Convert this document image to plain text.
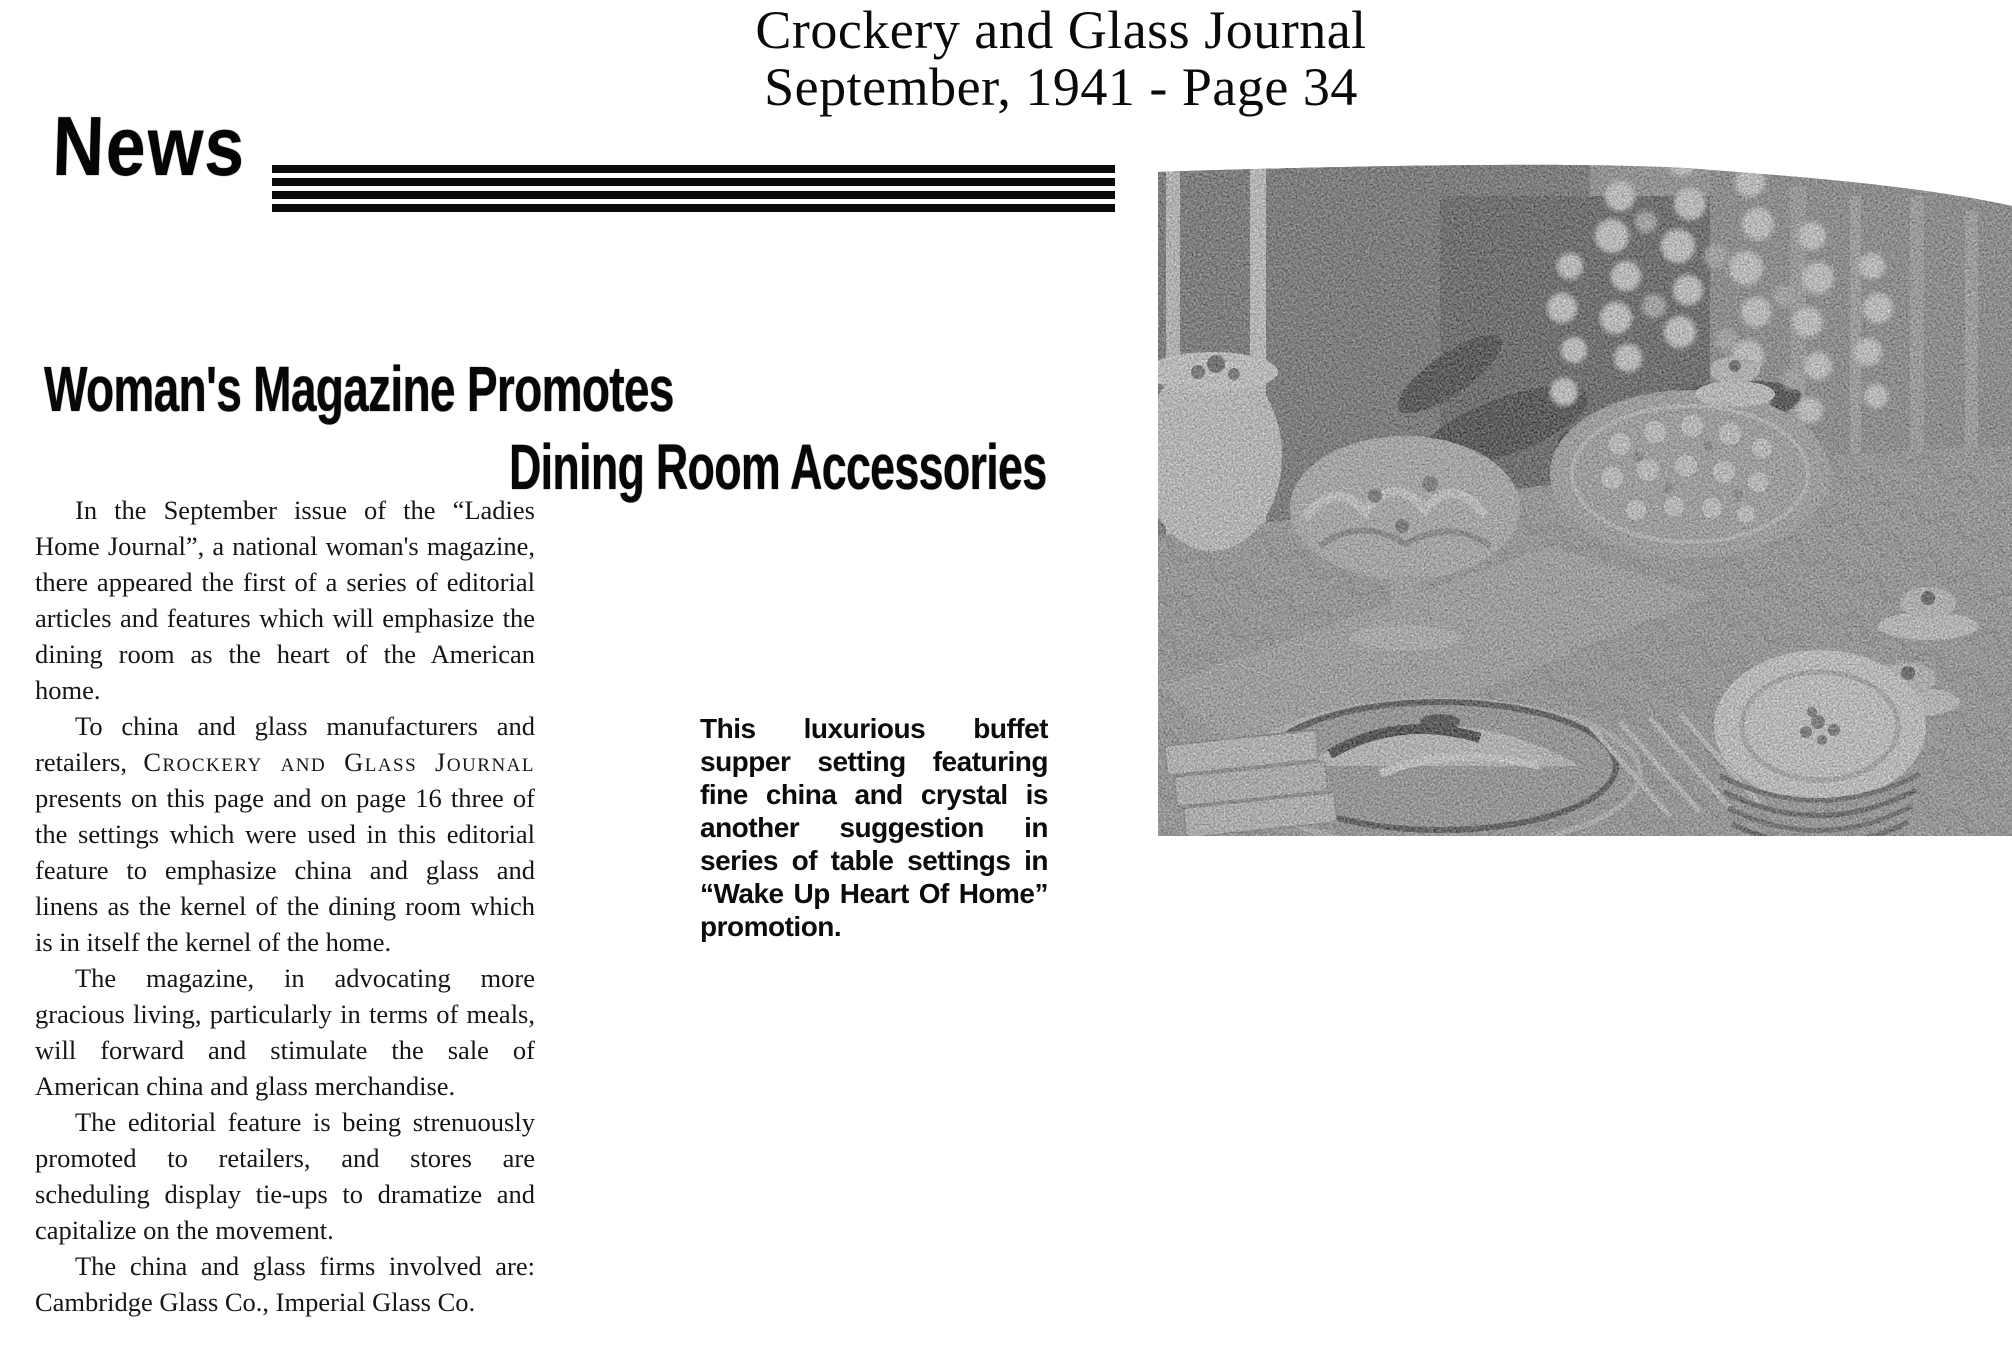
Crockery and Glass Journal
September, 1941 - Page 34
News
Woman's Magazine Promotes
Dining Room Accessories

In the September issue of the “Ladies Home Journal”, a national woman's magazine, there appeared the first of a series of editorial articles and features which will emphasize the dining room as the heart of the American home.

To china and glass manufacturers and retailers, Crockery and Glass Journal presents on this page and on page 16 three of the settings which were used in this editorial feature to emphasize china and glass and linens as the kernel of the dining room which is in itself the kernel of the home.

The magazine, in advocating more gracious living, particularly in terms of meals, will forward and stimulate the sale of American china and glass merchandise.

The editorial feature is being strenuously promoted to retailers, and stores are scheduling display tie-ups to dramatize and capitalize on the movement.

The china and glass firms involved are: Cambridge Glass Co., Imperial Glass Co.

This luxurious buffet supper setting featuring fine china and crystal is another suggestion in series of table settings in “Wake Up Heart Of Home” promotion.
